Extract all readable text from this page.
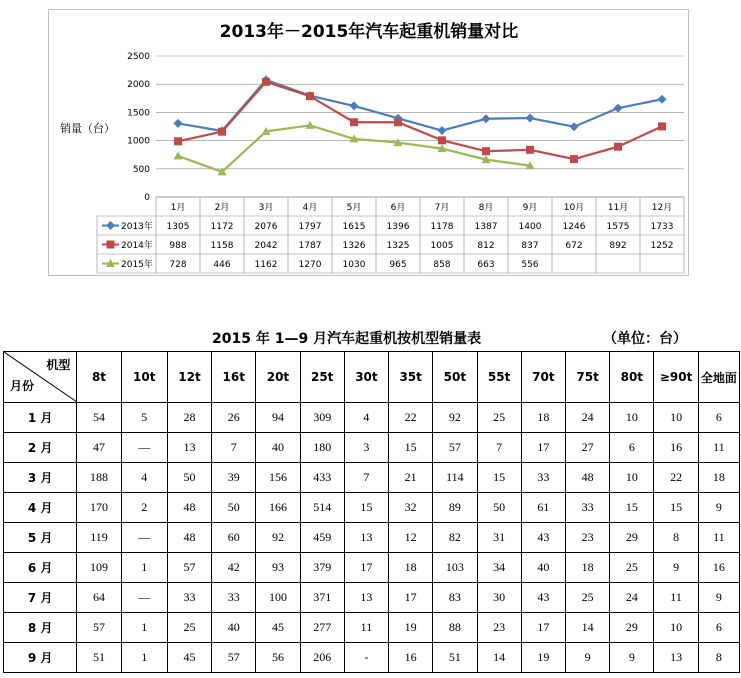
2013年－2015年汽车起重机销量对比
销量（台）
0
500
1000
1500
2000
2500
1月	2月	3月	4月	5月	6月	7月	8月	9月	10月	11月	12月
2013年 1305 1172 2076 1797 1615 1396 1178 1387 1400 1246 1575 1733
2014年 988	1158 2042 1787 1326 1325 1005	812	837	672	892	1252
2015年 728	446	1162 1270 1030	965	858	663	556
2015 年 1—9 月汽车起重机按机型销量表	（单位：台）
机型
月份	8t	10t	12t	16t	20t	25t	30t	35t	50t	55t	70t	75t	80t	≥90t	全地面
1 月	54	5	28	26	94	309	4	22	92	25	18	24	10	10	6
2 月	47	—	13	7	40	180	3	15	57	7	17	27	6	16	11
3 月	188	4	50	39	156	433	7	21	114	15	33	48	10	22	18
4 月	170	2	48	50	166	514	15	32	89	50	61	33	15	15	9
5 月	119	—	48	60	92	459	13	12	82	31	43	23	29	8	11
6 月	109	1	57	42	93	379	17	18	103	34	40	18	25	9	16
7 月	64	—	33	33	100	371	13	17	83	30	43	25	24	11	9
8 月	57	1	25	40	45	277	11	19	88	23	17	14	29	10	6
9 月	51	1	45	57	56	206	-	16	51	14	19	9	9	13	8
